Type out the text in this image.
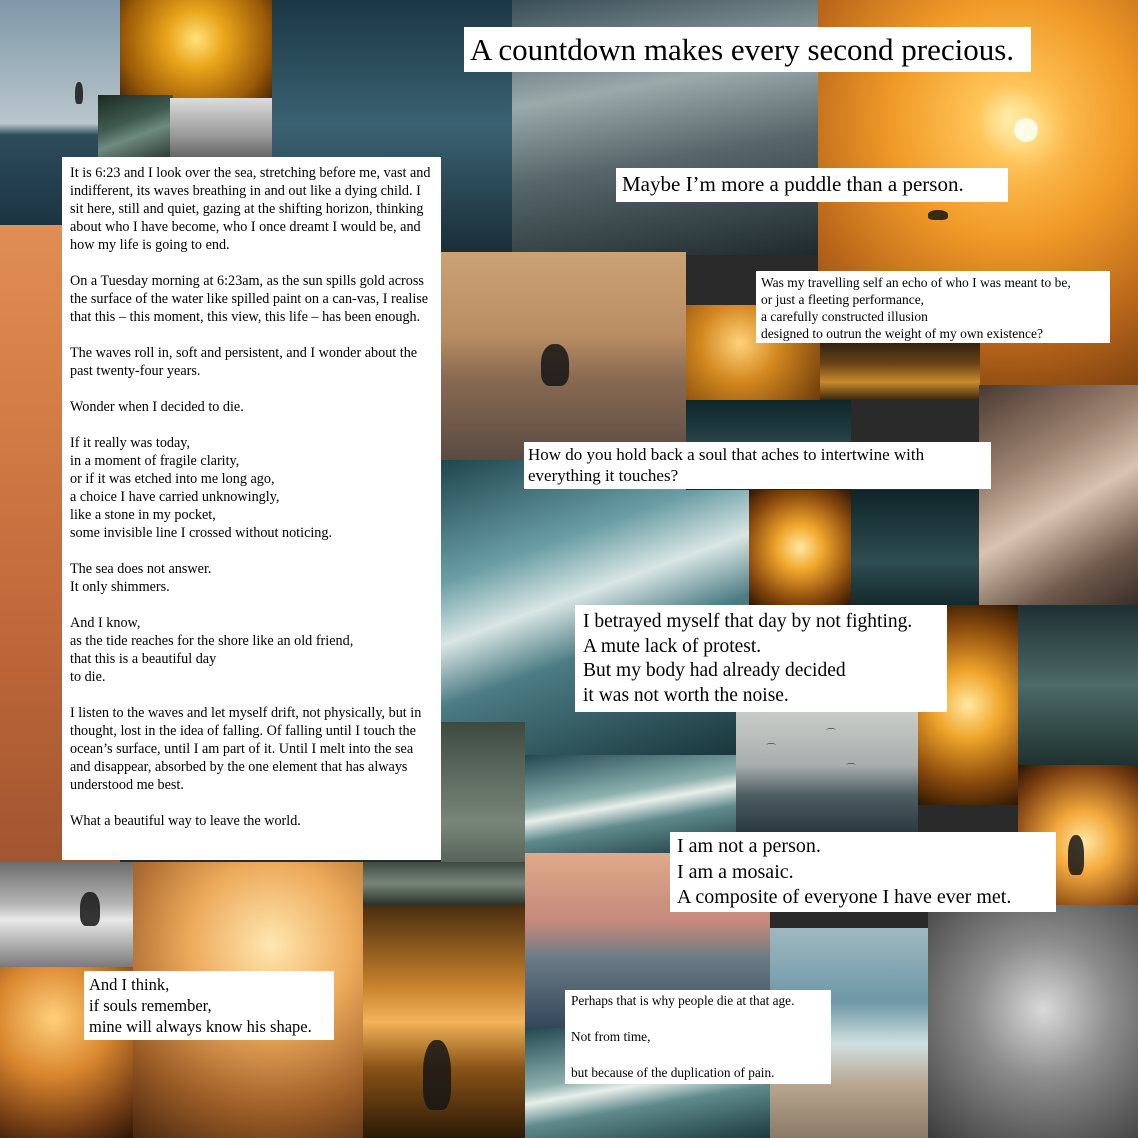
⌒
⌒
⌒
A countdown makes every second precious.
Maybe I’m more a puddle than a person.

It is 6:23 and I look over the sea, stretching before me, vast and indifferent, its waves breathing in and out like a dying child. I sit here, still and quiet, gazing at the shifting horizon, thinking about who I have become, who I once dreamt I would be, and how my life is going to end.

On a Tuesday morning at 6:23am, as the sun spills gold across the surface of the water like spilled paint on a can-vas, I realise that this – this moment, this view, this life – has been enough.

The waves roll in, soft and persistent, and I wonder about the past twenty-four years.

Wonder when I decided to die.

If it really was today,
in a moment of fragile clarity,
or if it was etched into me long ago,
a choice I have carried unknowingly,
like a stone in my pocket,
some invisible line I crossed without noticing.

The sea does not answer.
It only shimmers.

And I know,
as the tide reaches for the shore like an old friend,
that this is a beautiful day
to die.

I listen to the waves and let myself drift, not physically, but in thought, lost in the idea of falling. Of falling until I touch the ocean’s surface, until I am part of it. Until I melt into the sea and disappear, absorbed by the one element that has always understood me best.

What a beautiful way to leave the world.

Was my travelling self an echo of who I was meant to be,
or just a fleeting performance,
a carefully constructed illusion
designed to outrun the weight of my own existence?
How do you hold back a soul that aches to intertwine with
everything it touches?
I betrayed myself that day by not fighting.
A mute lack of protest.
But my body had already decided
it was not worth the noise.
I am not a person.
I am a mosaic.
A composite of everyone I have ever met.
And I think,
if souls remember,
mine will always know his shape.
Perhaps that is why people die at that age.
Not from time,
but because of the duplication of pain.
